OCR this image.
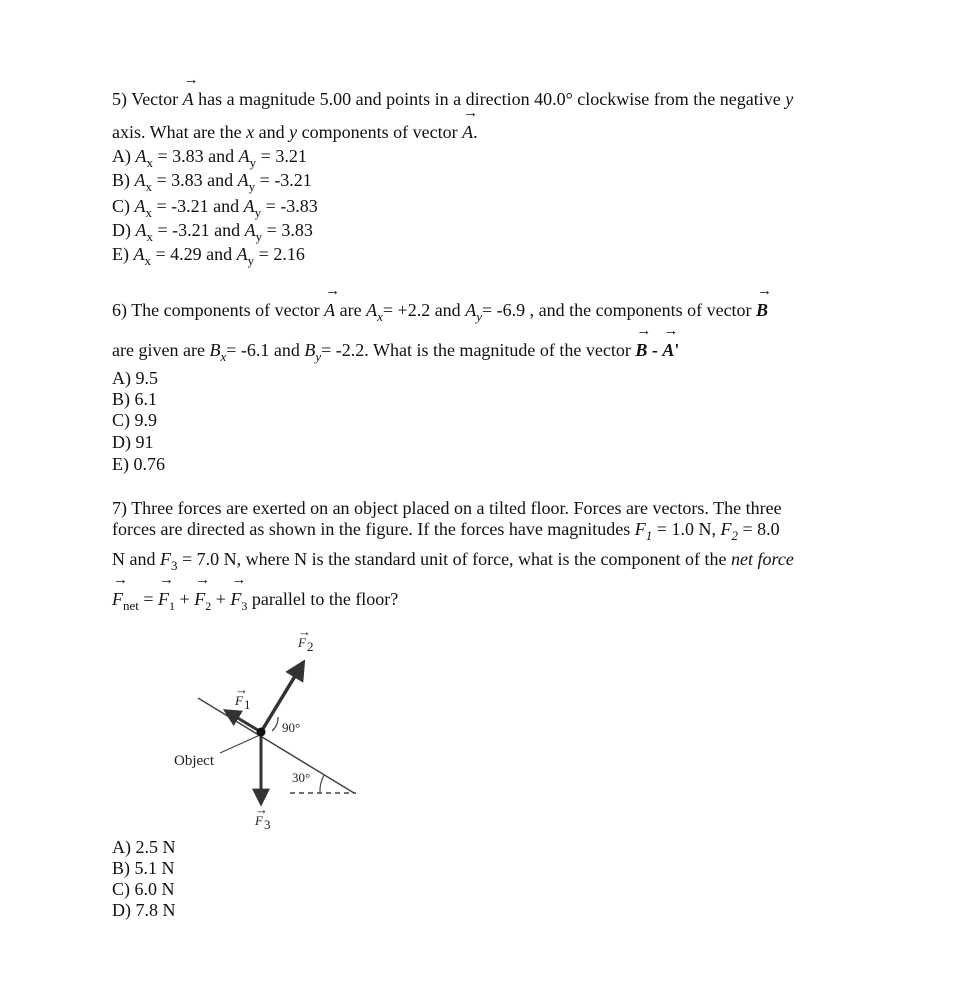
5) Vector
→
A has a magnitude 5.00 and points in a direction 40.0° clockwise from the negative y
axis. What are the x and y components of vector
→
A.
A) $A_x = 3.83$ and $A_y = 3.21$
B) $A_x = 3.83$ and $A_y = -3.21$
C) $A_x = -3.21$ and $A_y = -3.83$
D) $A_x = -3.21$ and $A_y = 3.83$
E) $A_x = 4.29$ and $A_y = 2.16$
6) The components of vector
→
A are $A_x= +2.2$ and $A_y= -6.9$ , and the components of vector
→
B
are given are $B_x= -6.1$ and $B_y= -2.2$. What is the magnitude of the vector
→
B -
→
A'
A) 9.5
B) 6.1
C) 9.9
D) 91
E) 0.76
7) Three forces are exerted on an object placed on a tilted floor. Forces are vectors. The three
forces are directed as shown in the figure. If the forces have magnitudes $F_1 = 1.0$ N, $F_2 = 8.0$
N and $F_3 = 7.0$ N, where N is the standard unit of force, what is the component of the net force
→
$F_{net}$ =
→
$F_1$ +
→
$F_2$ +
→
$F_3$ parallel to the floor?
Object
90°
30°
F
→
2
F
→
1
F
→
3
A) 2.5 N
B) 5.1 N
C) 6.0 N
D) 7.8 N
